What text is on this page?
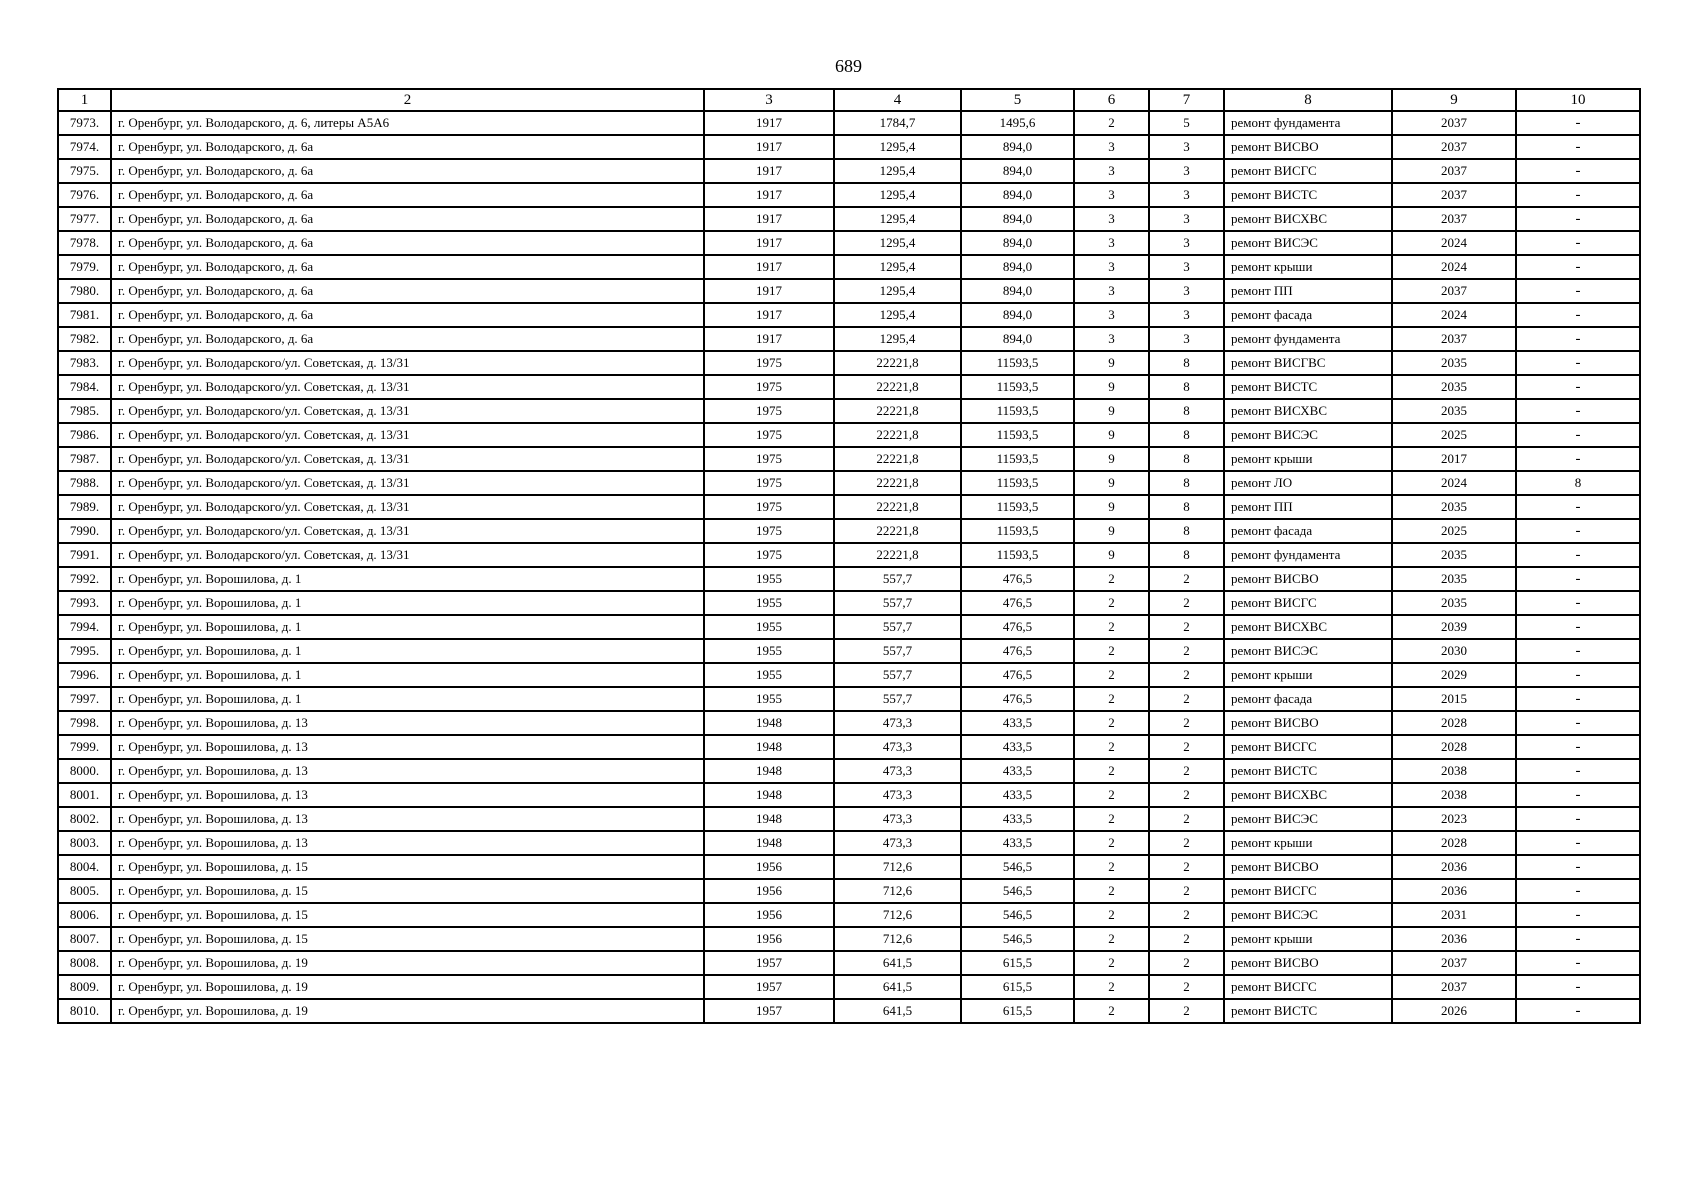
689
1	2	3	4	5	6	7	8	9	10
7973.	г. Оренбург, ул. Володарского, д. 6, литеры А5А6	1917	1784,7	1495,6	2	5	ремонт фундамента	2037	-
7974.	г. Оренбург, ул. Володарского, д. 6а	1917	1295,4	894,0	3	3	ремонт ВИСВО	2037	-
7975.	г. Оренбург, ул. Володарского, д. 6а	1917	1295,4	894,0	3	3	ремонт ВИСГС	2037	-
7976.	г. Оренбург, ул. Володарского, д. 6а	1917	1295,4	894,0	3	3	ремонт ВИСТС	2037	-
7977.	г. Оренбург, ул. Володарского, д. 6а	1917	1295,4	894,0	3	3	ремонт ВИСХВС	2037	-
7978.	г. Оренбург, ул. Володарского, д. 6а	1917	1295,4	894,0	3	3	ремонт ВИСЭС	2024	-
7979.	г. Оренбург, ул. Володарского, д. 6а	1917	1295,4	894,0	3	3	ремонт крыши	2024	-
7980.	г. Оренбург, ул. Володарского, д. 6а	1917	1295,4	894,0	3	3	ремонт ПП	2037	-
7981.	г. Оренбург, ул. Володарского, д. 6а	1917	1295,4	894,0	3	3	ремонт фасада	2024	-
7982.	г. Оренбург, ул. Володарского, д. 6а	1917	1295,4	894,0	3	3	ремонт фундамента	2037	-
7983.	г. Оренбург, ул. Володарского/ул. Советская, д. 13/31	1975	22221,8	11593,5	9	8	ремонт ВИСГВС	2035	-
7984.	г. Оренбург, ул. Володарского/ул. Советская, д. 13/31	1975	22221,8	11593,5	9	8	ремонт ВИСТС	2035	-
7985.	г. Оренбург, ул. Володарского/ул. Советская, д. 13/31	1975	22221,8	11593,5	9	8	ремонт ВИСХВС	2035	-
7986.	г. Оренбург, ул. Володарского/ул. Советская, д. 13/31	1975	22221,8	11593,5	9	8	ремонт ВИСЭС	2025	-
7987.	г. Оренбург, ул. Володарского/ул. Советская, д. 13/31	1975	22221,8	11593,5	9	8	ремонт крыши	2017	-
7988.	г. Оренбург, ул. Володарского/ул. Советская, д. 13/31	1975	22221,8	11593,5	9	8	ремонт ЛО	2024	8
7989.	г. Оренбург, ул. Володарского/ул. Советская, д. 13/31	1975	22221,8	11593,5	9	8	ремонт ПП	2035	-
7990.	г. Оренбург, ул. Володарского/ул. Советская, д. 13/31	1975	22221,8	11593,5	9	8	ремонт фасада	2025	-
7991.	г. Оренбург, ул. Володарского/ул. Советская, д. 13/31	1975	22221,8	11593,5	9	8	ремонт фундамента	2035	-
7992.	г. Оренбург, ул. Ворошилова, д. 1	1955	557,7	476,5	2	2	ремонт ВИСВО	2035	-
7993.	г. Оренбург, ул. Ворошилова, д. 1	1955	557,7	476,5	2	2	ремонт ВИСГС	2035	-
7994.	г. Оренбург, ул. Ворошилова, д. 1	1955	557,7	476,5	2	2	ремонт ВИСХВС	2039	-
7995.	г. Оренбург, ул. Ворошилова, д. 1	1955	557,7	476,5	2	2	ремонт ВИСЭС	2030	-
7996.	г. Оренбург, ул. Ворошилова, д. 1	1955	557,7	476,5	2	2	ремонт крыши	2029	-
7997.	г. Оренбург, ул. Ворошилова, д. 1	1955	557,7	476,5	2	2	ремонт фасада	2015	-
7998.	г. Оренбург, ул. Ворошилова, д. 13	1948	473,3	433,5	2	2	ремонт ВИСВО	2028	-
7999.	г. Оренбург, ул. Ворошилова, д. 13	1948	473,3	433,5	2	2	ремонт ВИСГС	2028	-
8000.	г. Оренбург, ул. Ворошилова, д. 13	1948	473,3	433,5	2	2	ремонт ВИСТС	2038	-
8001.	г. Оренбург, ул. Ворошилова, д. 13	1948	473,3	433,5	2	2	ремонт ВИСХВС	2038	-
8002.	г. Оренбург, ул. Ворошилова, д. 13	1948	473,3	433,5	2	2	ремонт ВИСЭС	2023	-
8003.	г. Оренбург, ул. Ворошилова, д. 13	1948	473,3	433,5	2	2	ремонт крыши	2028	-
8004.	г. Оренбург, ул. Ворошилова, д. 15	1956	712,6	546,5	2	2	ремонт ВИСВО	2036	-
8005.	г. Оренбург, ул. Ворошилова, д. 15	1956	712,6	546,5	2	2	ремонт ВИСГС	2036	-
8006.	г. Оренбург, ул. Ворошилова, д. 15	1956	712,6	546,5	2	2	ремонт ВИСЭС	2031	-
8007.	г. Оренбург, ул. Ворошилова, д. 15	1956	712,6	546,5	2	2	ремонт крыши	2036	-
8008.	г. Оренбург, ул. Ворошилова, д. 19	1957	641,5	615,5	2	2	ремонт ВИСВО	2037	-
8009.	г. Оренбург, ул. Ворошилова, д. 19	1957	641,5	615,5	2	2	ремонт ВИСГС	2037	-
8010.	г. Оренбург, ул. Ворошилова, д. 19	1957	641,5	615,5	2	2	ремонт ВИСТС	2026	-
